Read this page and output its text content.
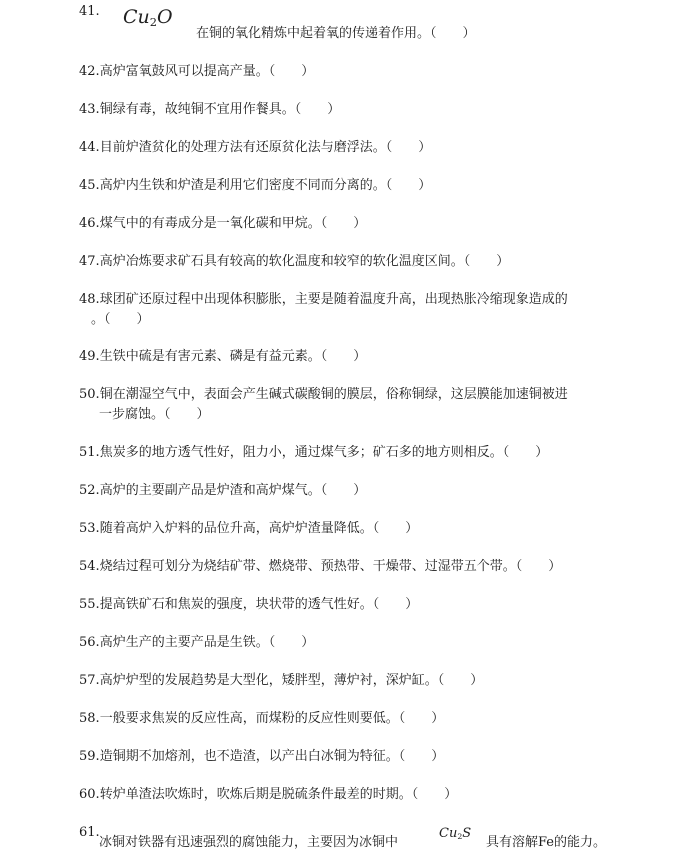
41.	$Cu_2O$
在铜的氧化精炼中起着氧的传递着作用。（　　）
42.高炉富氧鼓风可以提高产量。（　　）
43.铜绿有毒，故纯铜不宜用作餐具。（　　）
44.目前炉渣贫化的处理方法有还原贫化法与磨浮法。（　　）
45.高炉内生铁和炉渣是利用它们密度不同而分离的。（　　）
46.煤气中的有毒成分是一氧化碳和甲烷。（　　）
47.高炉冶炼要求矿石具有较高的软化温度和较窄的软化温度区间。（　　）
48.球团矿还原过程中出现体积膨胀，主要是随着温度升高，出现热胀冷缩现象造成的
。（　　）
49.生铁中硫是有害元素、磷是有益元素。（　　）
50.铜在潮湿空气中，表面会产生碱式碳酸铜的膜层，俗称铜绿，这层膜能加速铜被进
一步腐蚀。（　　）
51.焦炭多的地方透气性好，阻力小，通过煤气多；矿石多的地方则相反。（　　）
52.高炉的主要副产品是炉渣和高炉煤气。（　　）
53.随着高炉入炉料的品位升高，高炉炉渣量降低。（　　）
54.烧结过程可划分为烧结矿带、燃烧带、预热带、干燥带、过湿带五个带。（　　）
55.提高铁矿石和焦炭的强度，块状带的透气性好。（　　）
56.高炉生产的主要产品是生铁。（　　）
57.高炉炉型的发展趋势是大型化，矮胖型，薄炉衬，深炉缸。（　　）
58.一般要求焦炭的反应性高，而煤粉的反应性则要低。（　　）
59.造铜期不加熔剂，也不造渣，以产出白冰铜为特征。（　　）
60.转炉单渣法吹炼时，吹炼后期是脱硫条件最差的时期。（　　）
61.
冰铜对铁器有迅速强烈的腐蚀能力，主要因为冰铜中
$Cu_2S$
具有溶解Fe的能力。
